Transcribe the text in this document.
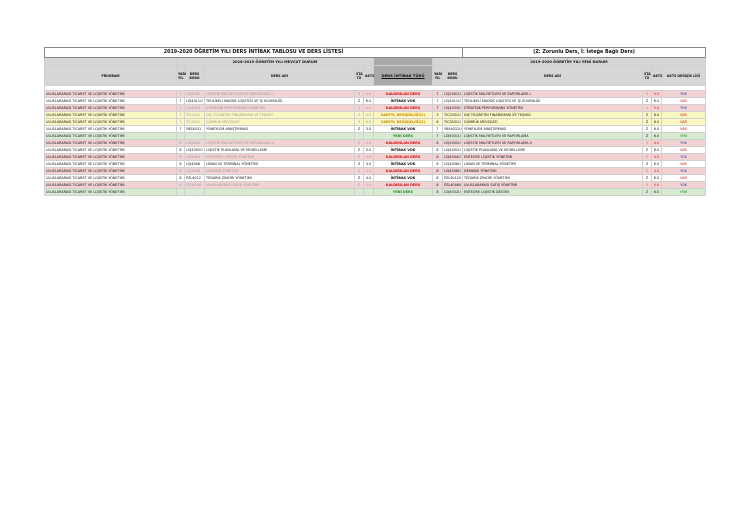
2019-2020 ÖĞRETİM YILI DERS İNTİBAK TABLOSU VE DERS LİSTESİ									(Z: Zorunlu Ders, İ: İsteğe Bağlı Ders)			
	2018-2019 ÖĞRETİM YILI MEVCUT DURUM						2019-2020 ÖĞRETİM YILI YENİ DURUM					
PROGRAM	YARI YIL	DERS KODU	DERS ADI	STA TÜ	AKTS	DERS İNTİBAK TÜRÜ	YARI YIL	DERS KODU	DERS ADI	STA TÜ	AKTS	AKTS DEĞİŞİK LİĞİ

ULUSLARARASI TİCARET VE LOJİSTİK YÖNETİMİ	7	LOJ4001	LOJİSTİK MALİYETLERİ VE RAPORLAMA I	Z	4.0	KALDIRILAN DERS	7	LOJ2001U	LOJİSTİK MALİYETLERİ VE RAPORLAMA I	İ	4.0	YOK
ULUSLARARASI TİCARET VE LOJİSTİK YÖNETİMİ	7	LOJ4011U	TEHLİKELİ MADDE LOJİSTİĞİ VE İŞ GÜVENLİĞİ	Z	6.0	İNTİBAK VOK	7	LOJ4011U	TEHLİKELİ MADDE LOJİSTİĞİ VE İŞ GÜVENLİĞİ	Z	6.0	VAR
ULUSLARARASI TİCARET VE LOJİSTİK YÖNETİMİ	7	LOJ4013	STRATEJİK PERFORMANS YÖNETİMİ	Z	4.0	KALDIRILAN DERS	7	LOJ4033U	STRATEJİK PERFORMANS YÖNETİMİ	İ	5.0	YOK
ULUSLARARASI TİCARET VE LOJİSTİK YÖNETİMİ	7	TİC2031	DIŞ TİCARETİN FİNANSMANI VE TEŞVİKİ	Z	4.0	VARYYL DEĞİŞİKLİĞİ(1)	3	TİC2031U	DIŞ TİCARETİN FİNANSMANI VE TEŞVİKİ	Z	6.0	VAR
ULUSLARARASI TİCARET VE LOJİSTİK YÖNETİMİ	7	TİC3031	GÜMRÜK MEVZUATI	Z	4.0	VARYYL DEĞİŞİKLİĞİ(2)	6	TİC3031U	GÜMRÜK MEVZUATI	Z	6.0	VAR
ULUSLARARASI TİCARET VE LOJİSTİK YÖNETİMİ	7	YBS4031	YÖNEYLEM ARAŞTIRMASI	Z	3.0	İNTİBAK VOK	7	YBS4031U	YÖNEYLEM ARAŞTIRMASI	Z	6.0	VAR
ULUSLARARASI TİCARET VE LOJİSTİK YÖNETİMİ						YENİ DERS	7	LOJ4031U	LOJİSTİK MALİYETLERİ VE RAPORLAMA	Z	6.0	YENİ
ULUSLARARASI TİCARET VE LOJİSTİK YÖNETİMİ	8	LOJ4002	LOJİSTİK MALİYETLERİ VE RAPORLAMA II	Z	4.0	KALDIRILAN DERS	8	LOJ2002U	LOJİSTİK MALİYETLERİ VE RAPORLAMA II	İ	4.0	YOK
ULUSLARARASI TİCARET VE LOJİSTİK YÖNETİMİ	8	LOJ4002U	LOJİSTİK PLANLAMA VE MODELLEME	Z	5.0	İNTİBAK VOK	8	LOJ4002U	LOJİSTİK PLANLAMA VE MODELLEME	Z	6.0	VAR
ULUSLARARASI TİCARET VE LOJİSTİK YÖNETİMİ	8	LOJ4004	ENTEGRE LOJİSTİK YÖNETİMİ	Z	4.0	KALDIRILAN DERS	8	LOJ4004U	ENTEGRE LOJİSTİK YÖNETİMİ	İ	4.0	YOK
ULUSLARARASI TİCARET VE LOJİSTİK YÖNETİMİ	8	LOJ4006	LİMAN VE TERMİNAL YÖNETİMİ	Z	4.0	İNTİBAK VOK	8	LOJ4006U	LİMAN VE TERMİNAL YÖNETİMİ	Z	6.0	VAR
ULUSLARARASI TİCARET VE LOJİSTİK YÖNETİMİ	8	LOJ4008	DEMAND YÖNETİMİ	Z	4.0	KALDIRILAN DERS	8	LOJ4008U	DEMAND YÖNETİMİ	İ	4.0	YOK
ULUSLARARASI TİCARET VE LOJİSTİK YÖNETİMİ	8	PZL4012	TEDARİK ZİNCİRİ YÖNETİMİ	Z	4.0	İNTİBAK VOK	8	PZL4012U	TEDARİK ZİNCİRİ YÖNETİMİ	Z	6.0	VAR
ULUSLARARASI TİCARET VE LOJİSTİK YÖNETİMİ	8	PZL4046	ULUSLARARASI SATIŞ YÖNETİMİ	Z	3.0	KALDIRILAN DERS	8	PZL4046U	ULUSLARARASI SATIŞ YÖNETİMİ	İ	5.0	YOK
ULUSLARARASI TİCARET VE LOJİSTİK YÖNETİMİ						YENİ DERS	8	LOJ4032U	ENTEGRE LOJİSTİK DESTEK	Z	6.0	YENİ
